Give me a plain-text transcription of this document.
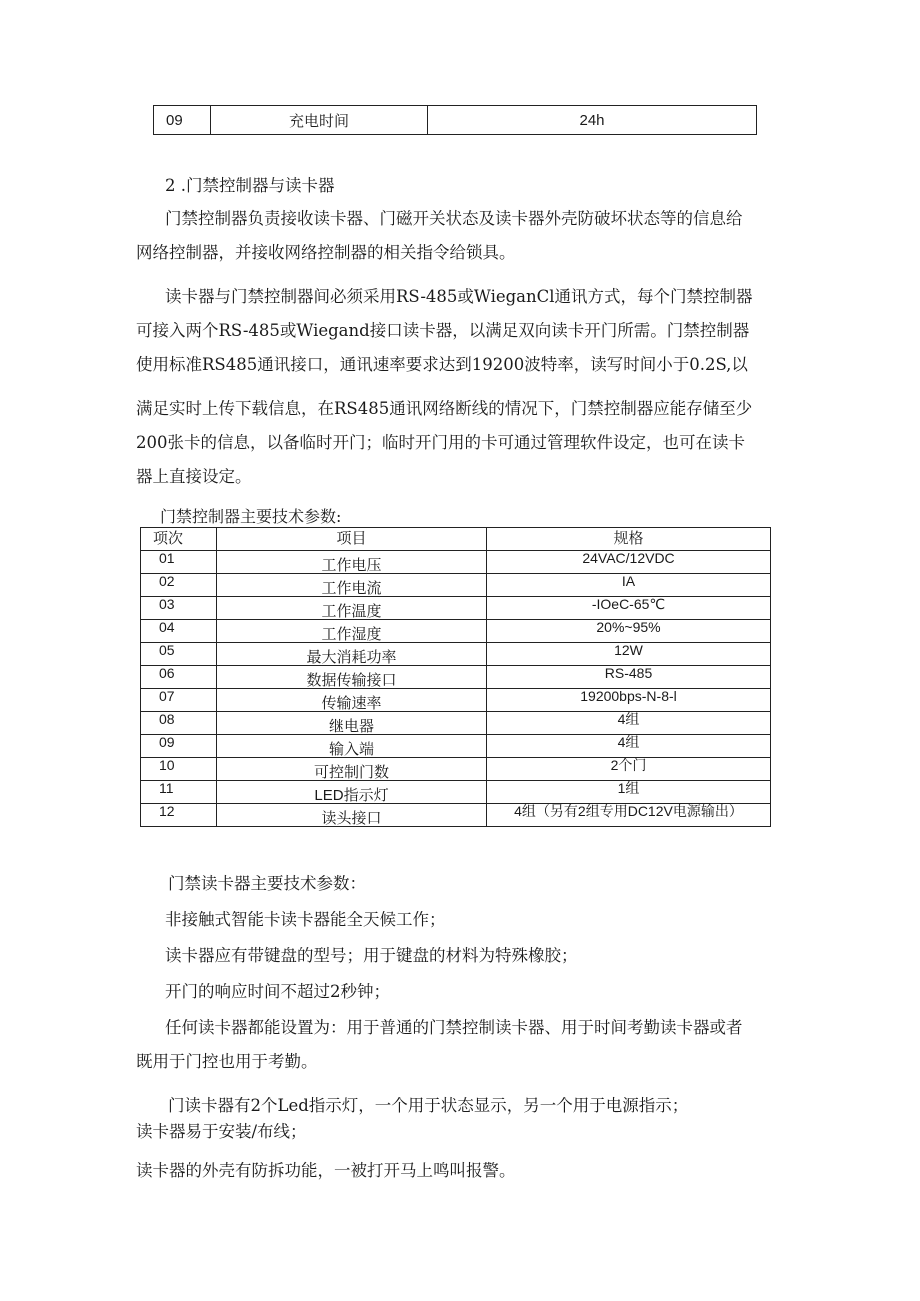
09	充电时间	24h

2 .门禁控制器与读卡器

门禁控制器负责接收读卡器、门磁开关状态及读卡器外壳防破坏状态等的信息给

网络控制器，并接收网络控制器的相关指令给锁具。

读卡器与门禁控制器间必须采用RS-485或WieganCl通讯方式，每个门禁控制器

可接入两个RS-485或Wiegand接口读卡器，以满足双向读卡开门所需。门禁控制器

使用标准RS485通讯接口，通讯速率要求达到19200波特率，读写时间小于0.2S,以

满足实时上传下载信息，在RS485通讯网络断线的情况下，门禁控制器应能存储至少

200张卡的信息，以备临时开门；临时开门用的卡可通过管理软件设定，也可在读卡

器上直接设定。

门禁控制器主要技术参数:

项次	项目	规格
01	工作电压	24VAC/12VDC
02	工作电流	IA
03	工作温度	-IOeC-65℃
04	工作湿度	20%~95%
05	最大消耗功率	12W
06	数据传输接口	RS-485
07	传输速率	19200bps-N-8-l
08	继电器	4组
09	输入端	4组
10	可控制门数	2个门
11	LED指示灯	1组
12	读头接口	4组（另有2组专用DC12V电源输出）

门禁读卡器主要技术参数：

非接触式智能卡读卡器能全天候工作；

读卡器应有带键盘的型号；用于键盘的材料为特殊橡胶；

开门的响应时间不超过2秒钟；

任何读卡器都能设置为：用于普通的门禁控制读卡器、用于时间考勤读卡器或者

既用于门控也用于考勤。

门读卡器有2个Led指示灯，一个用于状态显示，另一个用于电源指示；

读卡器易于安装/布线；

读卡器的外壳有防拆功能，一被打开马上鸣叫报警。
